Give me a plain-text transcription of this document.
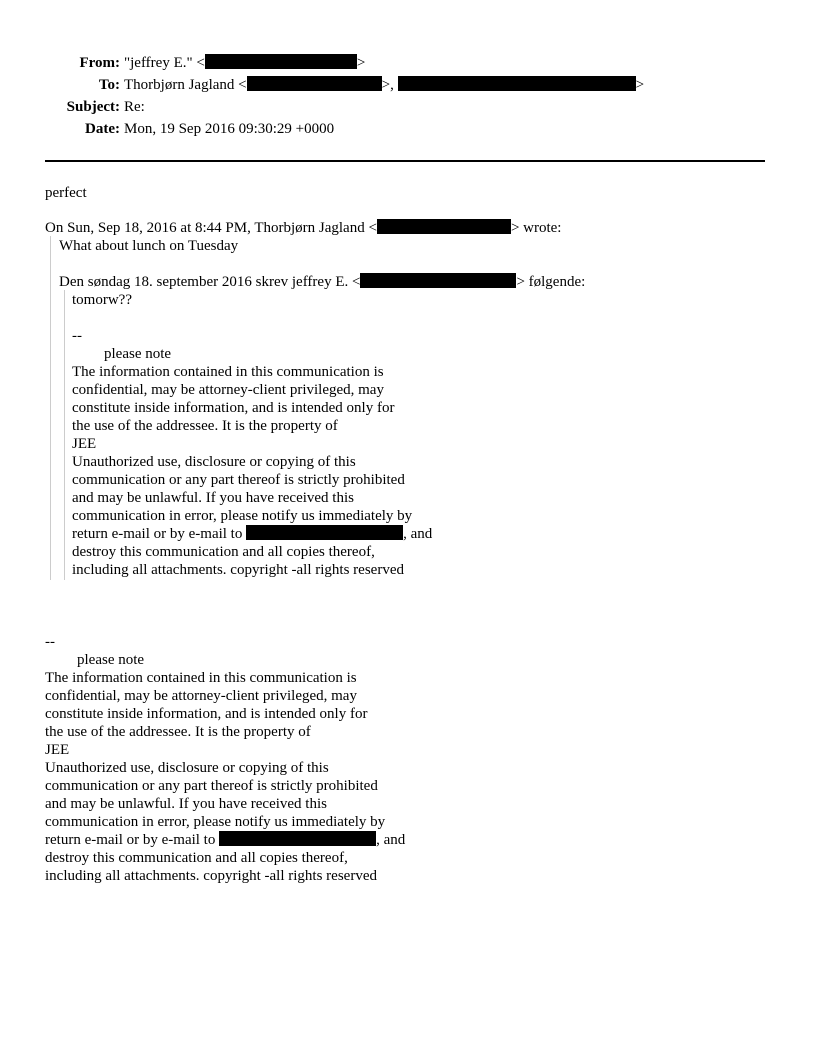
From: "jeffrey E." <	>
To: Thorbjørn Jagland <	>,	>
Subject: Re:
Date: Mon, 19 Sep 2016 09:30:29 +0000
perfect
On Sun, Sep 18, 2016 at 8:44 PM, Thorbjørn Jagland <	> wrote:
What about lunch on Tuesday
Den søndag 18. september 2016 skrev jeffrey E. <	> følgende:
tomorw??
--
please note
The information contained in this communication is
confidential, may be attorney-client privileged, may
constitute inside information, and is intended only for
the use of the addressee. It is the property of
JEE
Unauthorized use, disclosure or copying of this
communication or any part thereof is strictly prohibited
and may be unlawful. If you have received this
communication in error, please notify us immediately by
return e-mail or by e-mail to	, and
destroy this communication and all copies thereof,
including all attachments. copyright -all rights reserved
--
please note
The information contained in this communication is
confidential, may be attorney-client privileged, may
constitute inside information, and is intended only for
the use of the addressee. It is the property of
JEE
Unauthorized use, disclosure or copying of this
communication or any part thereof is strictly prohibited
and may be unlawful. If you have received this
communication in error, please notify us immediately by
return e-mail or by e-mail to	, and
destroy this communication and all copies thereof,
including all attachments. copyright -all rights reserved
